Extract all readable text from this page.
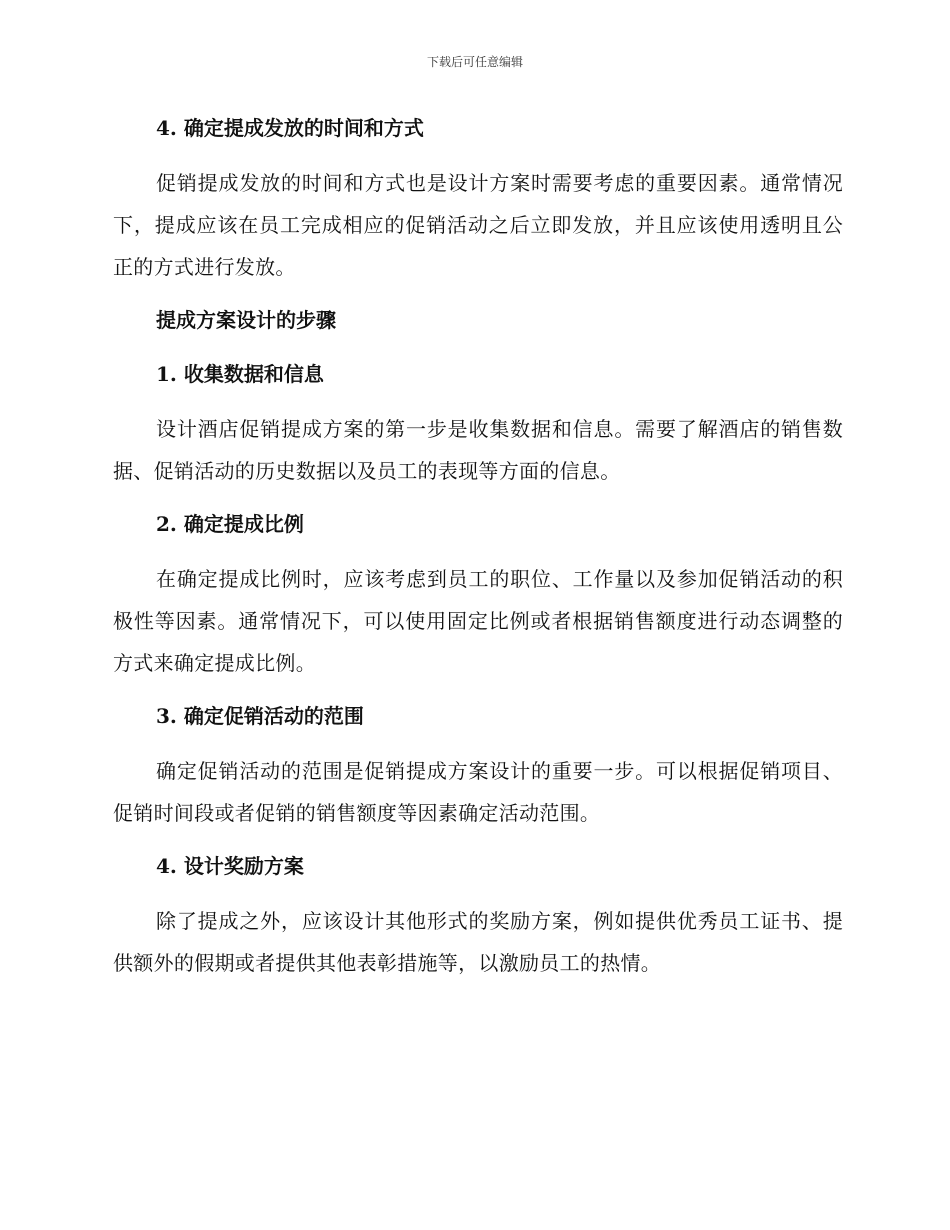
下载后可任意编辑
4. 确定提成发放的时间和方式

促销提成发放的时间和方式也是设计方案时需要考虑的重要因素。通常情况下，提成应该在员工完成相应的促销活动之后立即发放，并且应该使用透明且公正的方式进行发放。

提成方案设计的步骤
1. 收集数据和信息

设计酒店促销提成方案的第一步是收集数据和信息。需要了解酒店的销售数据、促销活动的历史数据以及员工的表现等方面的信息。

2. 确定提成比例

在确定提成比例时，应该考虑到员工的职位、工作量以及参加促销活动的积极性等因素。通常情况下，可以使用固定比例或者根据销售额度进行动态调整的方式来确定提成比例。

3. 确定促销活动的范围

确定促销活动的范围是促销提成方案设计的重要一步。可以根据促销项目、促销时间段或者促销的销售额度等因素确定活动范围。

4. 设计奖励方案

除了提成之外，应该设计其他形式的奖励方案，例如提供优秀员工证书、提供额外的假期或者提供其他表彰措施等，以激励员工的热情。
